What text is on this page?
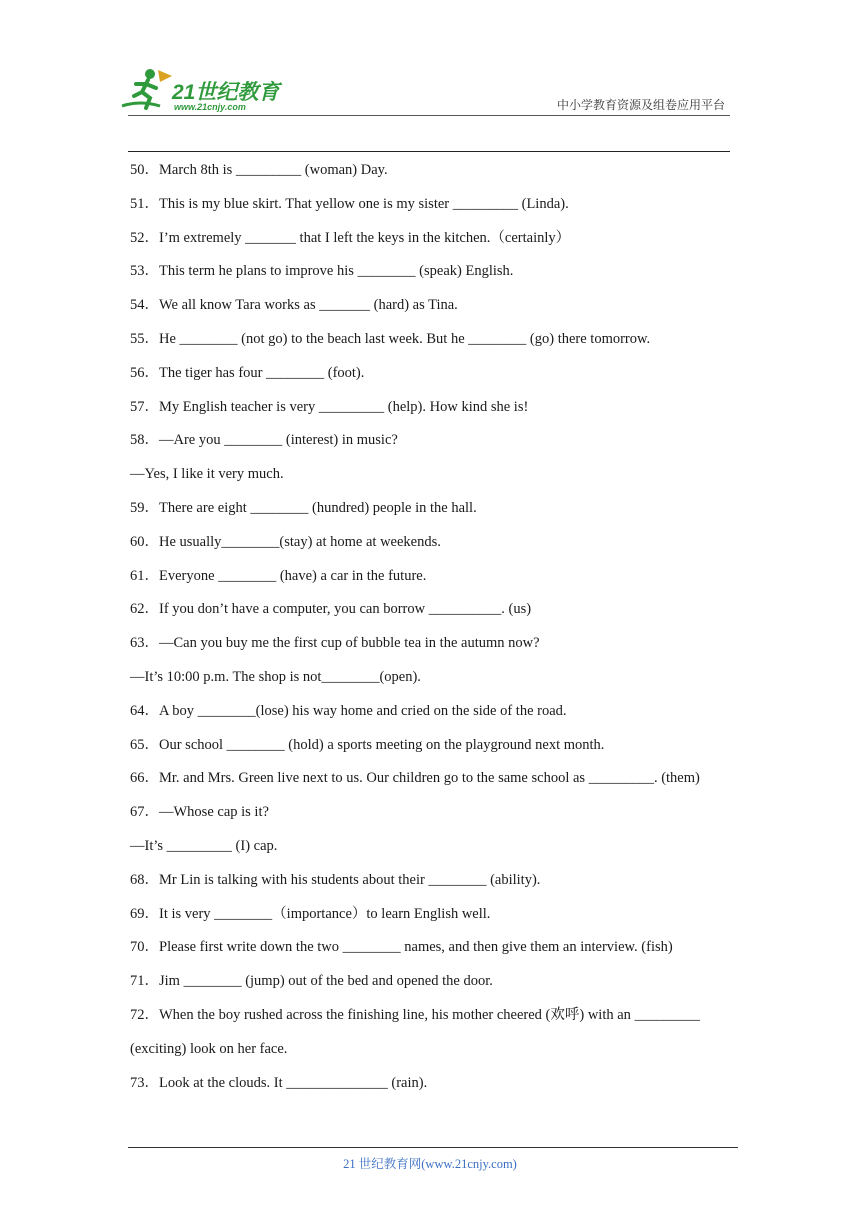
21世纪教育
www.21cnjy.com	中小学教育资源及组卷应用平台
50．March 8th is _________ (woman) Day.
51．This is my blue skirt. That yellow one is my sister _________ (Linda).
52．I’m extremely _______ that I left the keys in the kitchen.（certainly）
53．This term he plans to improve his ________ (speak) English.
54．We all know Tara works as _______ (hard) as Tina.
55．He ________ (not go) to the beach last week. But he ________ (go) there tomorrow.
56．The tiger has four ________ (foot).
57．My English teacher is very _________ (help). How kind she is!
58．—Are you ________ (interest) in music?
—Yes, I like it very much.
59．There are eight ________ (hundred) people in the hall.
60．He usually________(stay) at home at weekends.
61．Everyone ________ (have) a car in the future.
62．If you don’t have a computer, you can borrow __________. (us)
63．—Can you buy me the first cup of bubble tea in the autumn now?
—It’s 10:00 p.m. The shop is not________(open).
64．A boy ________(lose) his way home and cried on the side of the road.
65．Our school ________ (hold) a sports meeting on the playground next month.
66．Mr. and Mrs. Green live next to us. Our children go to the same school as _________. (them)
67．—Whose cap is it?
—It’s _________ (I) cap.
68．Mr Lin is talking with his students about their ________ (ability).
69．It is very ________（importance）to learn English well.
70．Please first write down the two ________ names, and then give them an interview. (fish)
71．Jim ________ (jump) out of the bed and opened the door.
72．When the boy rushed across the finishing line, his mother cheered (欢呼) with an _________
(exciting) look on her face.
73．Look at the clouds. It ______________ (rain).
21 世纪教育网(www.21cnjy.com)
